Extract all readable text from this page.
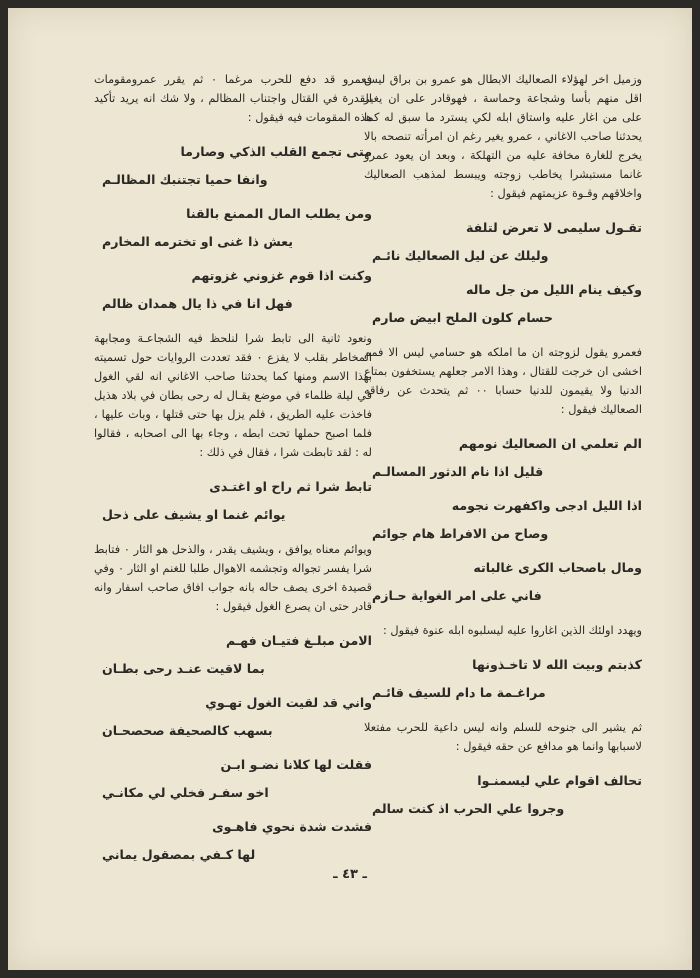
وزميل اخر لهؤلاء الصعاليك الابطال هو عمرو بن براق ليس اقل منهم بأسا وشجاعة وحماسة ، فهوقادر على ان يغير على من اغار عليه واستاق ابله لكي يسترد ما سبق له كما يحدثنا صاحب الاغاني ، عمرو يغير رغم ان امرأته تنصحه بالا يخرج للغارة مخافة عليه من التهلكة ، وبعد ان يعود عمرو غانما مستبشرا يخاطب زوجته ويبسط لمذهب الصعاليك واخلاقهم وقـوة عزيمتهم فيقول :

تقـول سليمى لا تعرض لتلفة

وليلك عن ليل الصعاليك نائـم

وكيف ينام الليل من جل ماله

حسام كلون الملح ابيض صارم

فعمرو يقول لزوجته ان ما املكه هو حسامي ليس الا فمم اخشى ان خرجت للقتال ، وهذا الامر جعلهم يستخفون بمتاع الدنيا ولا يقيمون للدنيا حسابا ٠٠ ثم يتحدث عن رفاقه الصعاليك فيقول :

الم تعلمي ان الصعاليك نومهم

قليل اذا نام الدثور المسالـم

اذا الليل ادجى واكفهرت نجومه

وصاح من الافراط هام جوائم

ومال باصحاب الكرى غالباته

فاني على امر الغواية حـازم

ويهدد اولئك الذين اغاروا عليه ليسلبوه ابله عنوة فيقول :

كذبتم وبيت الله لا تاخـذونها

مراغـمة ما دام للسيف قائـم

ثم يشير الى جنوحه للسلم وانه ليس داعية للحرب مفتعلا لاسبابها وانما هو مدافع عن حقه فيقول :

تحالف اقوام علي ليسمنـوا

وجروا علي الحرب اذ كنت سالم

فعمرو قد دفع للحرب مرغما ٠ ثم يقرر عمرومقومات القدرة في القتال واجتناب المظالم ، ولا شك انه يريد تأكيد هذه المقومات فيه فيقول :

متى تجمع القلب الذكي وصارما

وانفا حميا تجتنبك المظالـم

ومن يطلب المال الممنع بالقنا

يعش ذا غنى او تخترمه المخارم

وكنت اذا قوم غزوني غزوتهم

فهل انا في ذا يال همدان ظالم

ونعود ثانية الى تابط شرا لنلحظ فيه الشجاعـة ومجابهة المخاطر بقلب لا يفزع ٠ فقد تعددت الروايات حول تسميته بهذا الاسم ومنها كما يحدثنا صاحب الاغاني انه لقي الغول في ليلة ظلماء في موضع يقـال له رحى بطان في بلاد هذيل فاخذت عليه الطريق ، فلم يزل بها حتى قتلها ، وبات عليها ، فلما اصبح حملها تحت ابطه ، وجاء بها الى اصحابه ، فقالوا له : لقد تابطت شرا ، فقال في ذلك :

تابط شرا ثم راح او اغتـدى

يوائم غنما او يشيف على ذحل

ويوائم معناه يوافق ، ويشيف يقدر ، والذحل هو الثار ٠ فتابط شرا يفسر تجواله وتجشمه الاهوال طلبا للغنم او الثار ٠ وفي قصيدة اخرى يصف حاله بانه جواب افاق صاحب اسفار وانه قادر حتى ان يصرع الغول فيقول :

الامن مبلـغ فتيـان فهـم

بما لاقيت عنـد رحى بطـان

واني قد لقيت الغول تهـوي

بسهب كالصحيفة صحصحـان

فقلت لها كلانا نضـو ابـن

اخو سفـر فخلي لي مكانـي

فشدت شدة نحوي فاهـوى

لها كـفي بمصقول يماني

ـ ٤٣ ـ
